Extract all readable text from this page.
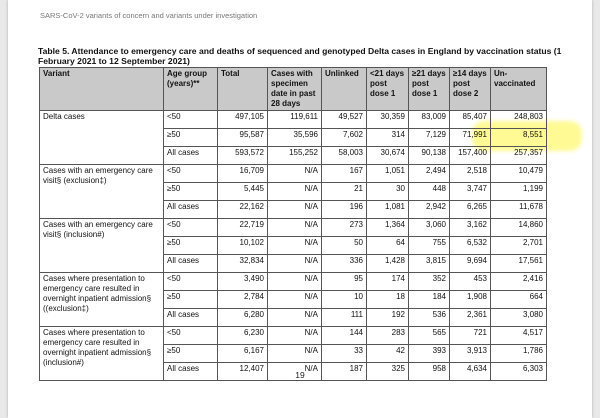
SARS-CoV-2 variants of concern and variants under investigation
Table 5. Attendance to emergency care and deaths of sequenced and genotyped Delta cases in England by vaccination status (1 February 2021 to 12 September 2021)
Variant	Age group (years)**	Total	Cases with specimen date in past 28 days	Unlinked	<21 days post dose 1	≥21 days post dose 1	≥14 days post dose 2	Un-vaccinated
Delta cases	<50	497,105	119,611	49,527	30,359	83,009	85,407	248,803
	≥50	95,587	35,596	7,602	314	7,129	71,991	8,551
	All cases	593,572	155,252	58,003	30,674	90,138	157,400	257,357
Cases with an emergency care visit§ (exclusion‡)	<50	16,709	N/A	167	1,051	2,494	2,518	10,479
	≥50	5,445	N/A	21	30	448	3,747	1,199
	All cases	22,162	N/A	196	1,081	2,942	6,265	11,678
Cases with an emergency care visit§ (inclusion#)	<50	22,719	N/A	273	1,364	3,060	3,162	14,860
	≥50	10,102	N/A	50	64	755	6,532	2,701
	All cases	32,834	N/A	336	1,428	3,815	9,694	17,561
Cases where presentation to emergency care resulted in overnight inpatient admission§ ((exclusion‡)	<50	3,490	N/A	95	174	352	453	2,416
	≥50	2,784	N/A	10	18	184	1,908	664
	All cases	6,280	N/A	111	192	536	2,361	3,080
Cases where presentation to emergency care resulted in overnight inpatient admission§ (inclusion#)	<50	6,230	N/A	144	283	565	721	4,517
	≥50	6,167	N/A	33	42	393	3,913	1,786
	All cases	12,407	N/A	187	325	958	4,634	6,303
19
